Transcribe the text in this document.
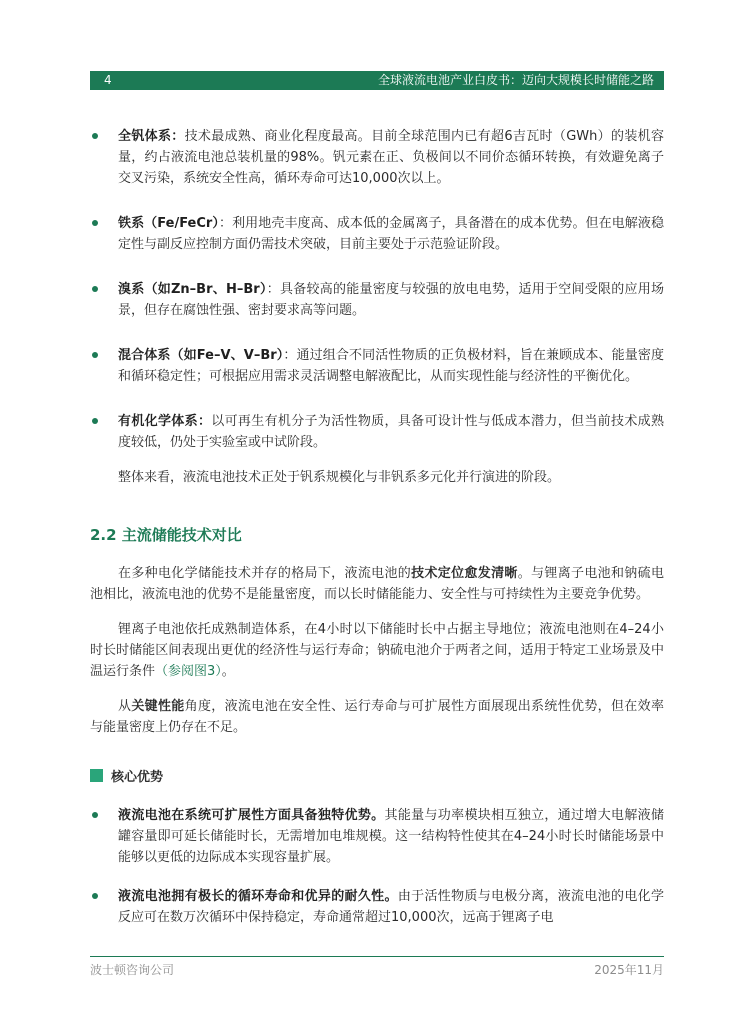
4	全球液流电池产业白皮书：迈向大规模长时储能之路
全钒体系：技术最成熟、商业化程度最高。目前全球范围内已有超6吉瓦时（GWh）的装机容量，约占液流电池总装机量的98%。钒元素在正、负极间以不同价态循环转换，有效避免离子交叉污染，系统安全性高，循环寿命可达10,000次以上。
铁系（Fe/FeCr）：利用地壳丰度高、成本低的金属离子，具备潜在的成本优势。但在电解液稳定性与副反应控制方面仍需技术突破，目前主要处于示范验证阶段。
溴系（如Zn–Br、H–Br）：具备较高的能量密度与较强的放电电势，适用于空间受限的应用场景，但存在腐蚀性强、密封要求高等问题。
混合体系（如Fe–V、V–Br）：通过组合不同活性物质的正负极材料，旨在兼顾成本、能量密度和循环稳定性；可根据应用需求灵活调整电解液配比，从而实现性能与经济性的平衡优化。
有机化学体系：以可再生有机分子为活性物质，具备可设计性与低成本潜力，但当前技术成熟度较低，仍处于实验室或中试阶段。

整体来看，液流电池技术正处于钒系规模化与非钒系多元化并行演进的阶段。

2.2 主流储能技术对比

在多种电化学储能技术并存的格局下，液流电池的技术定位愈发清晰。与锂离子电池和钠硫电池相比，液流电池的优势不是能量密度，而以长时储能能力、安全性与可持续性为主要竞争优势。

锂离子电池依托成熟制造体系，在4小时以下储能时长中占据主导地位；液流电池则在4–24小时长时储能区间表现出更优的经济性与运行寿命；钠硫电池介于两者之间，适用于特定工业场景及中温运行条件（参阅图3）。

从关键性能角度，液流电池在安全性、运行寿命与可扩展性方面展现出系统性优势，但在效率与能量密度上仍存在不足。

核心优势
液流电池在系统可扩展性方面具备独特优势。其能量与功率模块相互独立，通过增大电解液储罐容量即可延长储能时长，无需增加电堆规模。这一结构特性使其在4–24小时长时储能场景中能够以更低的边际成本实现容量扩展。
液流电池拥有极长的循环寿命和优异的耐久性。由于活性物质与电极分离，液流电池的电化学反应可在数万次循环中保持稳定，寿命通常超过10,000次，远高于锂离子电
波士顿咨询公司	2025年11月
